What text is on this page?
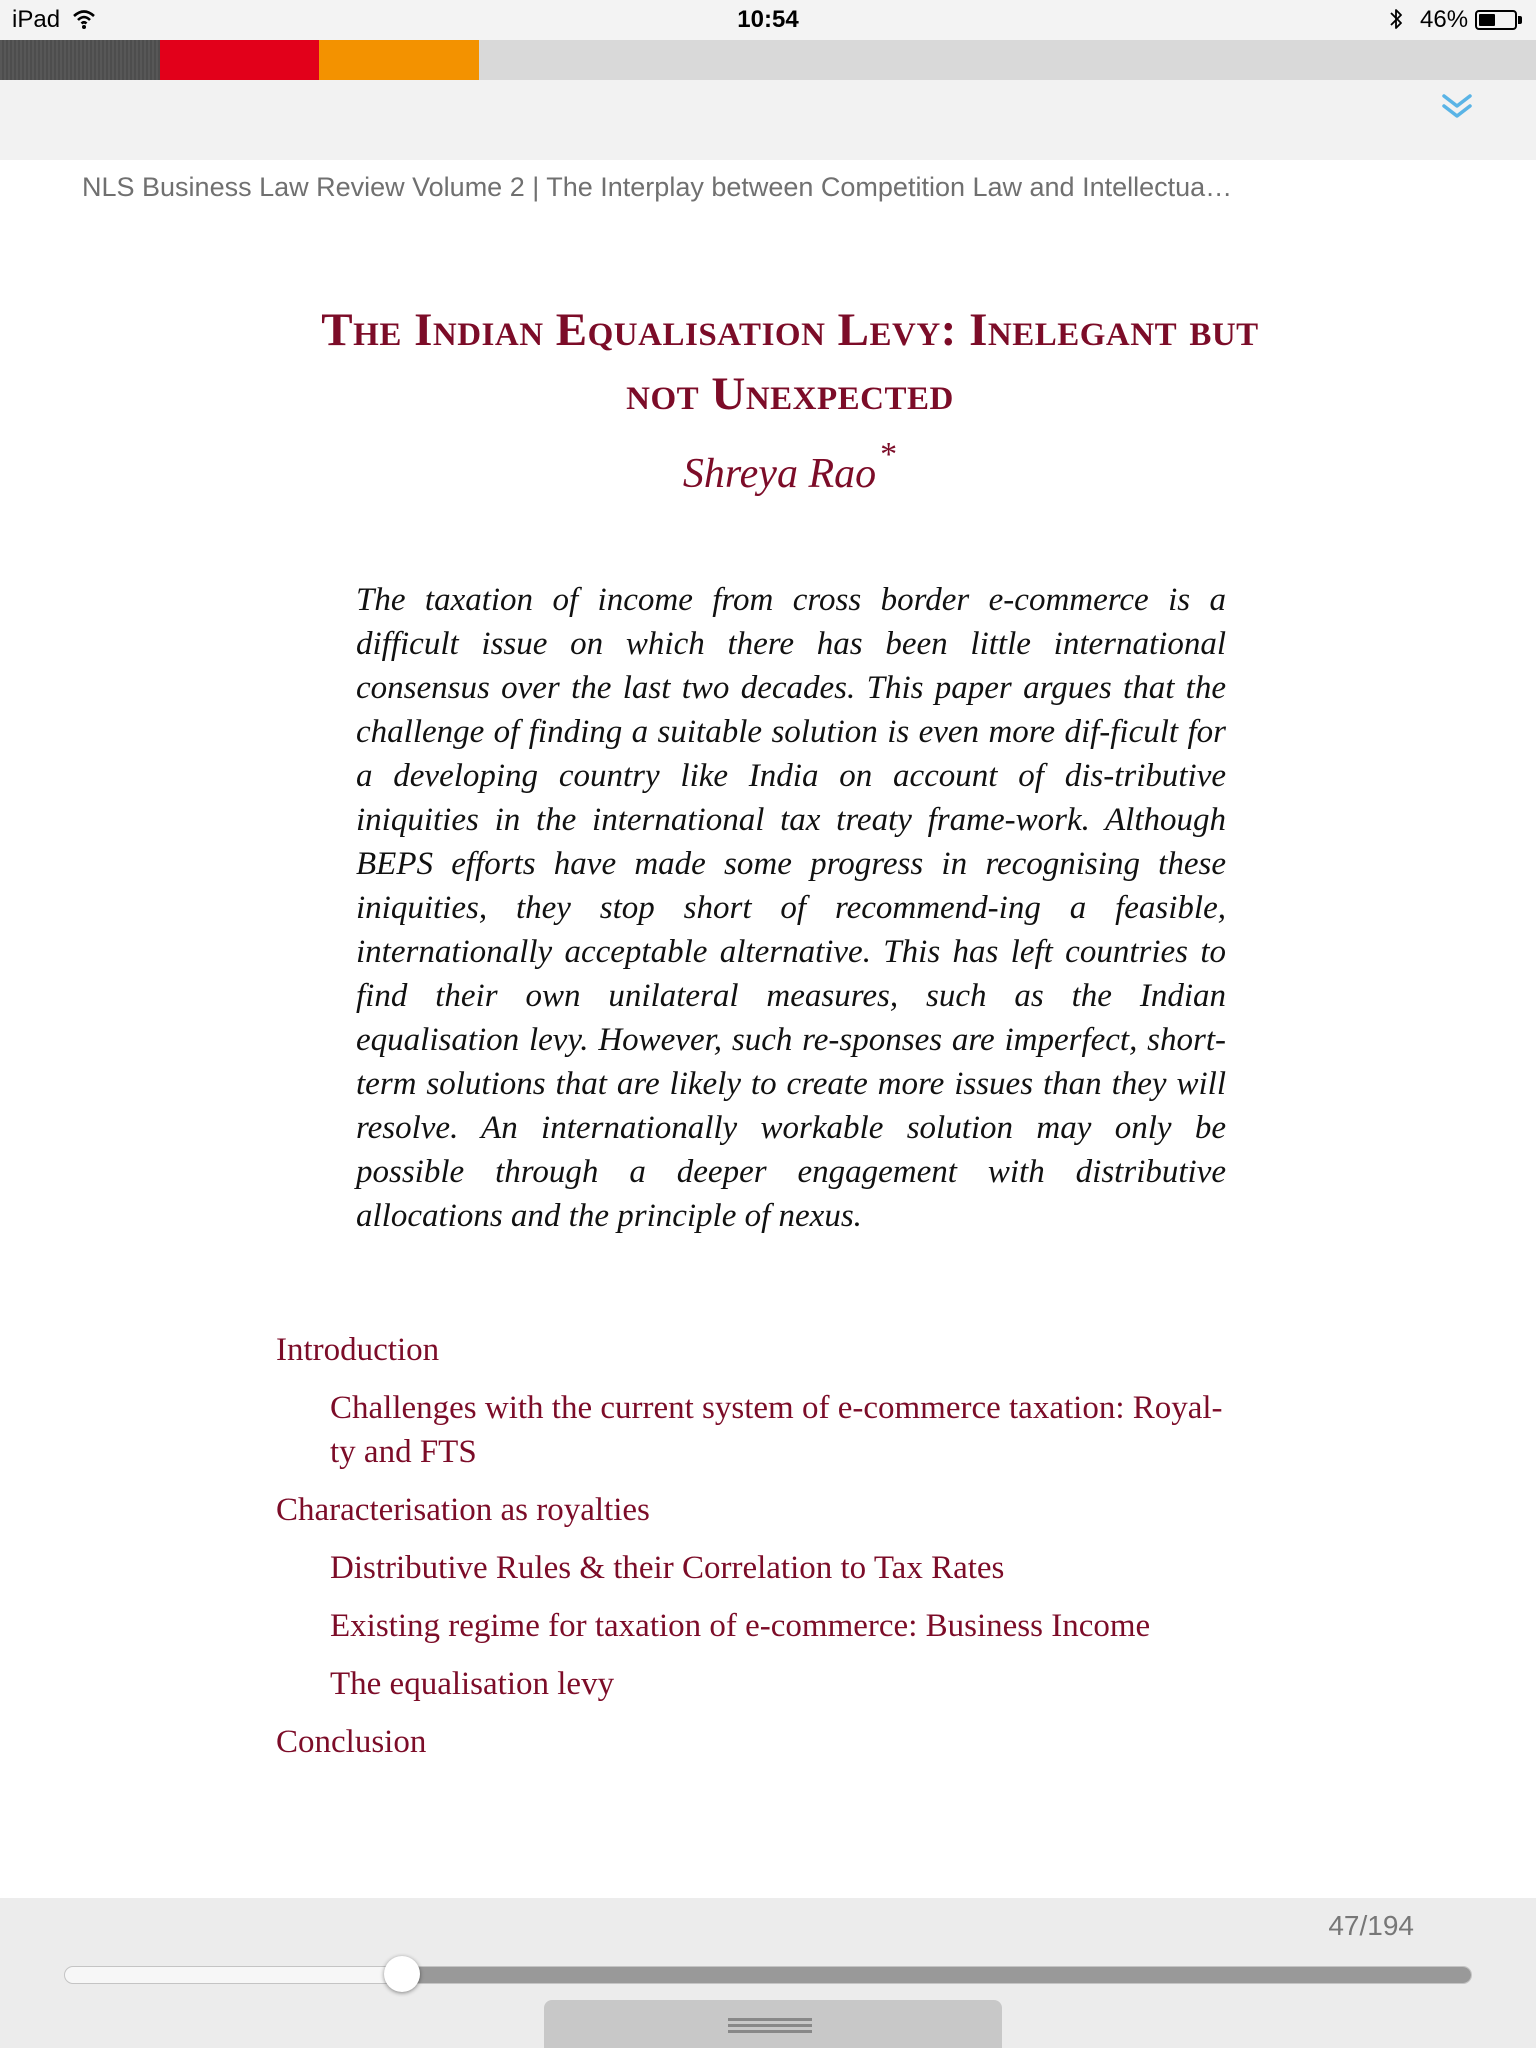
iPad	10:54	46%
NLS Business Law Review Volume 2 | The Interplay between Competition Law and Intellectua…
The Indian Equalisation Levy: Inelegant but
not Unexpected
Shreya Rao *

The taxation of income from cross border e-commerce is a difficult issue on which there has been little international consensus over the last two decades. This paper argues that the challenge of finding a suitable solution is even more dif-ficult for a developing country like India on account of dis-tributive iniquities in the international tax treaty frame-work. Although BEPS efforts have made some progress in recognising these iniquities, they stop short of recommend-ing a feasible, internationally acceptable alternative. This has left countries to find their own unilateral measures, such as the Indian equalisation levy. However, such re-sponses are imperfect, short-term solutions that are likely to create more issues than they will resolve. An internationally workable solution may only be possible through a deeper engagement with distributive allocations and the principle of nexus.

Introduction
Challenges with the current system of e-commerce taxation: Royal-
ty and FTS
Characterisation as royalties
Distributive Rules & their Correlation to Tax Rates
Existing regime for taxation of e-commerce: Business Income
The equalisation levy
Conclusion
47/194
